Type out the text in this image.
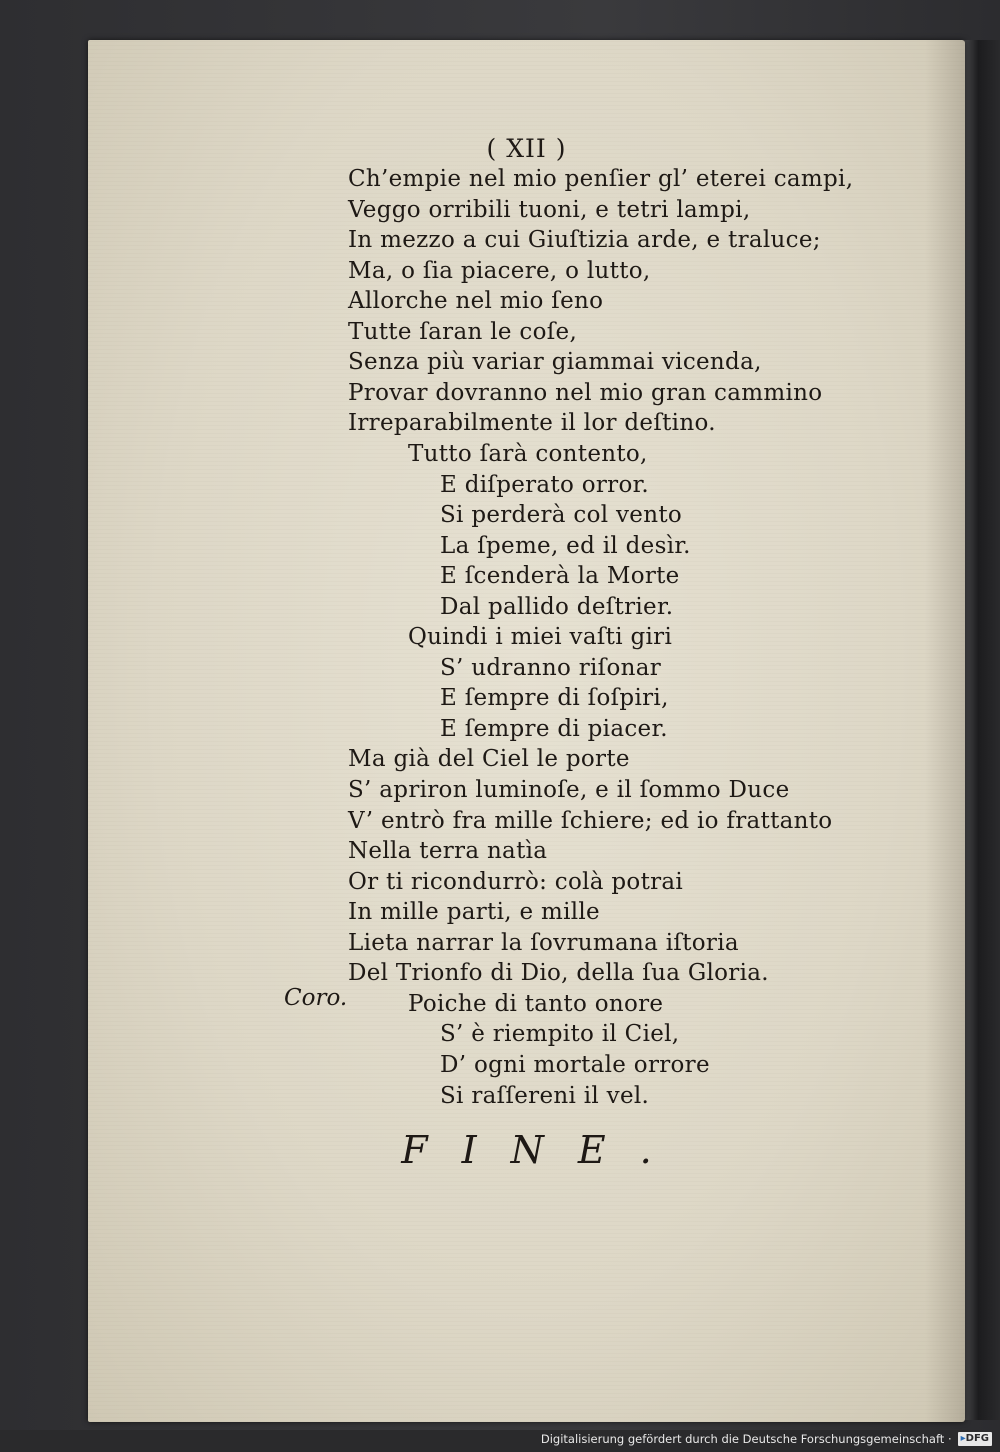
( XII )
Ch’empie nel mio penſier gl’ eterei campi,
Veggo orribili tuoni, e tetri lampi,
In mezzo a cui Giuſtizia arde, e traluce;
Ma, o ſia piacere, o lutto,
Allorche nel mio ſeno
Tutte ſaran le coſe,
Senza più variar giammai vicenda,
Provar dovranno nel mio gran cammino
Irreparabilmente il lor deſtino.
Tutto ſarà contento,
E diſperato orror.
Si perderà col vento
La ſpeme, ed il desìr.
E ſcenderà la Morte
Dal pallido deſtrier.
Quindi i miei vaſti giri
S’ udranno riſonar
E ſempre di ſoſpiri,
E ſempre di piacer.
Ma già del Ciel le porte
S’ apriron luminoſe, e il ſommo Duce
V’ entrò fra mille ſchiere; ed io frattanto
Nella terra natìa
Or ti ricondurrò: colà potrai
In mille parti, e mille
Lieta narrar la ſovrumana iſtoria
Del Trionfo di Dio, della ſua Gloria.
Poiche di tanto onore
S’ è riempito il Ciel,
D’ ogni mortale orrore
Si raſſereni il vel.
Coro.
FINE.
Digitalisierung gefördert durch die Deutsche Forschungsgemeinschaft · ▸DFG
